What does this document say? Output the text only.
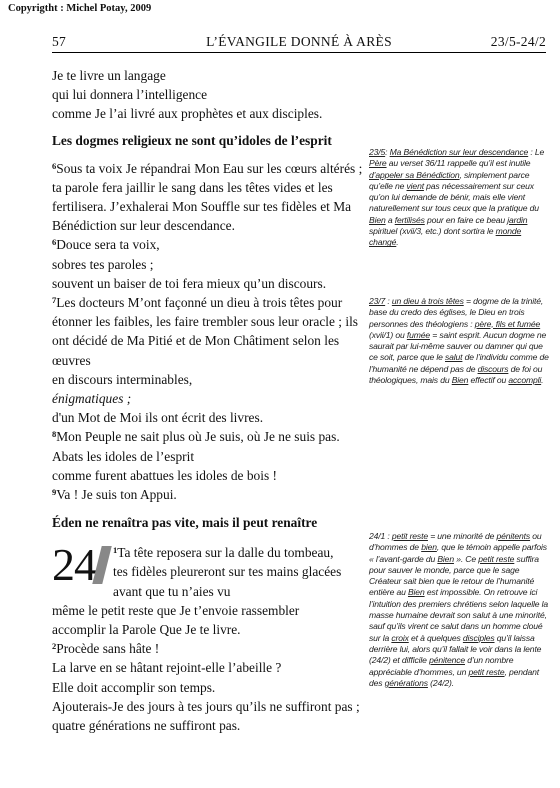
Copyrigtht : Michel Potay, 2009
57	L’ÉVANGILE DONNÉ À ARÈS	23/5-24/2

Je te livre un langage

qui lui donnera l’intelligence

comme Je l’ai livré aux prophètes et aux disciples.

Les dogmes religieux ne sont qu’idoles de l’esprit

$^6$Sous ta voix Je répandrai Mon Eau sur les cœurs altérés ; ta parole fera jaillir le sang dans les têtes vides et les fertilisera. J’exhalerai Mon Souffle sur tes fidèles et Ma Bénédiction sur leur descendance.

$^6$Douce sera ta voix,

sobres tes paroles ;

souvent un baiser de toi fera mieux qu’un discours.

$^7$Les docteurs M’ont façonné un dieu à trois têtes pour étonner les faibles, les faire trembler sous leur oracle ; ils ont décidé de Ma Pitié et de Mon Châtiment selon les œuvres

en discours interminables,

énigmatiques ;

d'un Mot de Moi ils ont écrit des livres.

$^8$Mon Peuple ne sait plus où Je suis, où Je ne suis pas.

Abats les idoles de l’esprit

comme furent abattues les idoles de bois !

$^9$Va ! Je suis ton Appui.

Éden ne renaîtra pas vite, mais il peut renaître

24 $^1$Ta tête reposera sur la dalle du tombeau,

tes fidèles pleureront sur tes mains glacées

avant que tu n’aies vu

même le petit reste que Je t’envoie rassembler

accomplir la Parole Que Je te livre.

$^2$Procède sans hâte !

La larve en se hâtant rejoint-elle l’abeille ?

Elle doit accomplir son temps.

Ajouterais-Je des jours à tes jours qu’ils ne suffiront pas ; quatre générations ne suffiront pas.

23/5: Ma Bénédiction sur leur descendance : Le Père au verset 36/11 rappelle qu’il est inutile d’appeler sa Bénédiction, simplement parce qu’elle ne vient pas nécessairement sur ceux qu’on lui demande de bénir, mais elle vient naturellement sur tous ceux que la pratique du Bien a fertilisés pour en faire ce beau jardin spirituel (xvii/3, etc.) dont sortira le monde changé.
23/7 : un dieu à trois têtes = dogme de la trinité, base du credo des églises, le Dieu en trois personnes des théologiens : père, fils et fumée (xvii/1) ou fumée = saint esprit. Aucun dogme ne saurait par lui-même sauver ou damner qui que ce soit, parce que le salut de l’individu comme de l’humanité ne dépend pas de discours de foi ou théologiques, mais du Bien effectif ou accompli.
24/1 : petit reste = une minorité de pénitents ou d’hommes de bien, que le témoin appelle parfois « l’avant-garde du Bien ». Ce petit reste suffira pour sauver le monde, parce que le sage Créateur sait bien que le retour de l’humanité entière au Bien est impossible. On retrouve ici l’intuition des premiers chrétiens selon laquelle la masse humaine devrait son salut à une minorité, sauf qu’ils virent ce salut dans un homme cloué sur la croix et à quelques disciples qu’il laissa derrière lui, alors qu’il fallait le voir dans la lente (24/2) et difficile pénitence d’un nombre appréciable d’hommes, un petit reste, pendant des générations (24/2).
